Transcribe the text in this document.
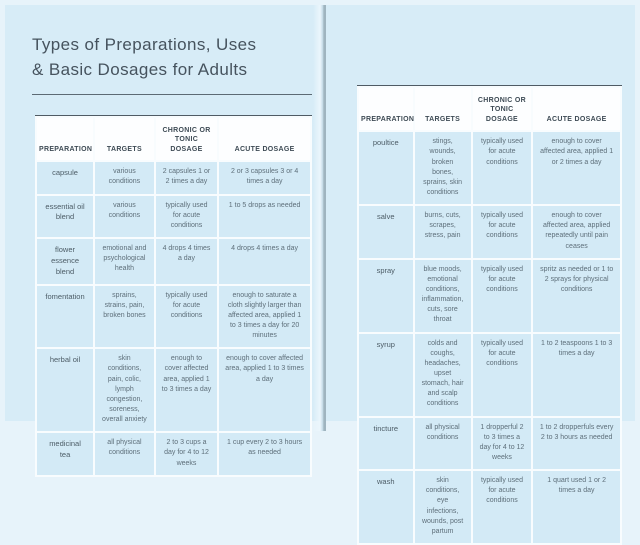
Types of Preparations, Uses
& Basic Dosages for Adults
PREPARATION	TARGETS	CHRONIC OR TONIC DOSAGE	ACUTE DOSAGE
capsule	various conditions	2 capsules 1 or 2 times a day	2 or 3 capsules 3 or 4 times a day
essential oil blend	various conditions	typically used for acute conditions	1 to 5 drops as needed
flower essence blend	emotional and psychological health	4 drops 4 times a day	4 drops 4 times a day
fomentation	sprains, strains, pain, broken bones	typically used for acute conditions	enough to saturate a cloth slightly larger than affected area, applied 1 to 3 times a day for 20 minutes
herbal oil	skin conditions, pain, colic, lymph congestion, soreness, overall anxiety	enough to cover affected area, applied 1 to 3 times a day	enough to cover affected area, applied 1 to 3 times a day
medicinal tea	all physical conditions	2 to 3 cups a day for 4 to 12 weeks	1 cup every 2 to 3 hours as needed
PREPARATION	TARGETS	CHRONIC OR TONIC DOSAGE	ACUTE DOSAGE
poultice	stings, wounds, broken bones, sprains, skin conditions	typically used for acute conditions	enough to cover affected area, applied 1 or 2 times a day
salve	burns, cuts, scrapes, stress, pain	typically used for acute conditions	enough to cover affected area, applied repeatedly until pain ceases
spray	blue moods, emotional conditions, inflammation, cuts, sore throat	typically used for acute conditions	spritz as needed or 1 to 2 sprays for physical conditions
syrup	colds and coughs, headaches, upset stomach, hair and scalp conditions	typically used for acute conditions	1 to 2 teaspoons 1 to 3 times a day
tincture	all physical conditions	1 dropperful 2 to 3 times a day for 4 to 12 weeks	1 to 2 dropperfuls every 2 to 3 hours as needed
wash	skin conditions, eye infections, wounds, post partum	typically used for acute conditions	1 quart used 1 or 2 times a day
